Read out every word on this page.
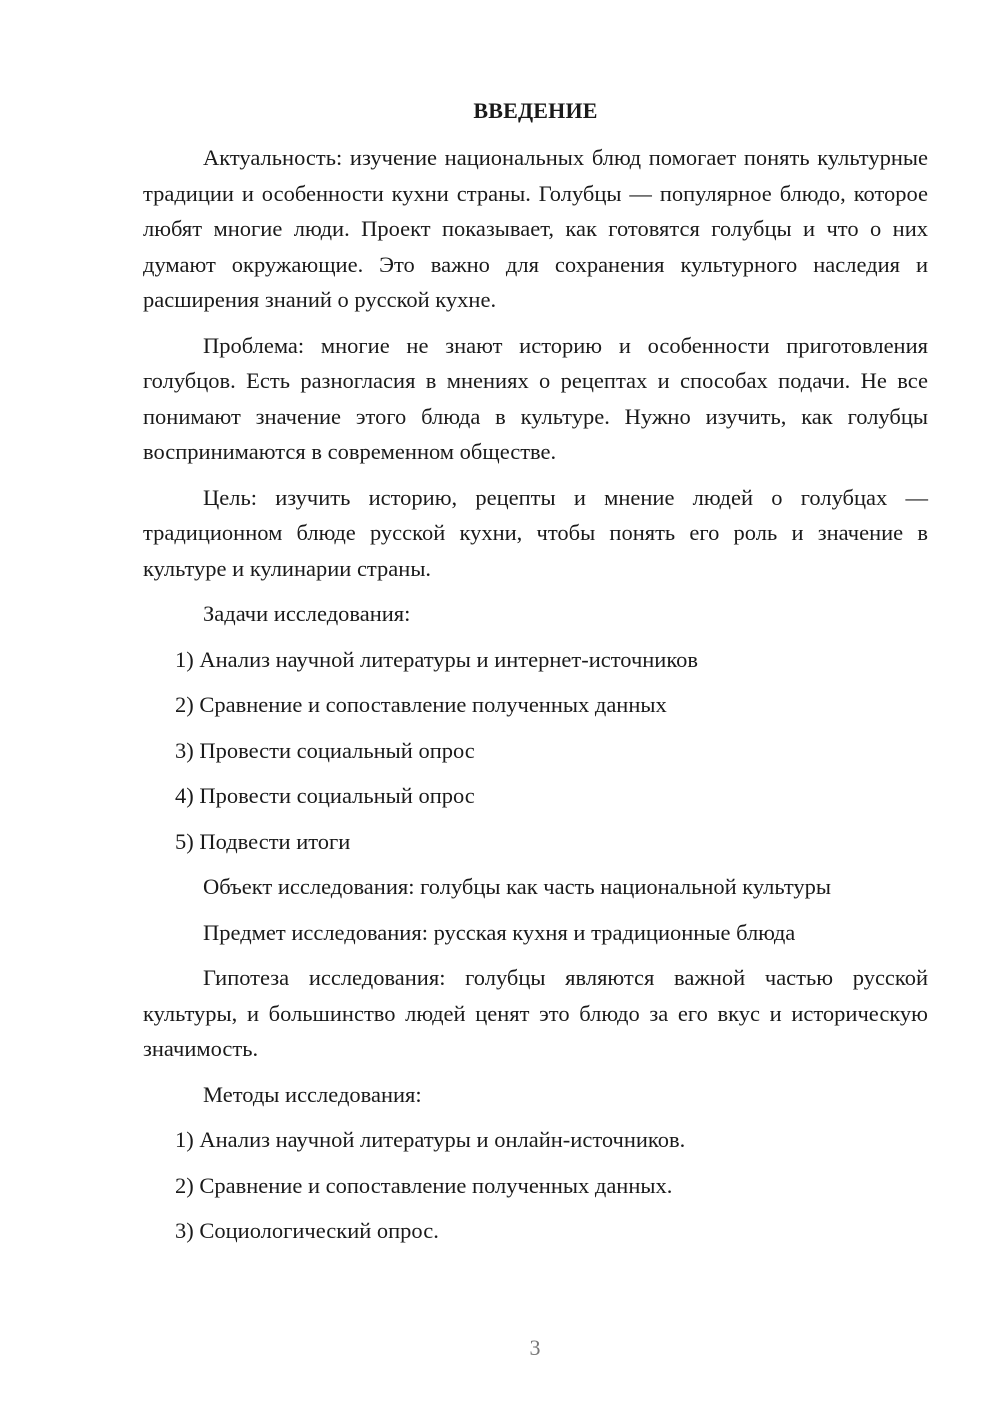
ВВЕДЕНИЕ

Актуальность: изучение национальных блюд помогает понять культурные традиции и особенности кухни страны. Голубцы — популярное блюдо, которое любят многие люди. Проект показывает, как готовятся голубцы и что о них думают окружающие. Это важно для сохранения культурного наследия и расширения знаний о русской кухне.

Проблема: многие не знают историю и особенности приготовления голубцов. Есть разногласия в мнениях о рецептах и способах подачи. Не все понимают значение этого блюда в культуре. Нужно изучить, как голубцы воспринимаются в современном обществе.

Цель: изучить историю, рецепты и мнение людей о голубцах — традиционном блюде русской кухни, чтобы понять его роль и значение в культуре и кулинарии страны.

Задачи исследования:

1) Анализ научной литературы и интернет-источников
2) Сравнение и сопоставление полученных данных
3) Провести социальный опрос
4) Провести социальный опрос
5) Подвести итоги

Объект исследования: голубцы как часть национальной культуры

Предмет исследования: русская кухня и традиционные блюда

Гипотеза исследования: голубцы являются важной частью русской культуры, и большинство людей ценят это блюдо за его вкус и историческую значимость.

Методы исследования:

1) Анализ научной литературы и онлайн-источников.
2) Сравнение и сопоставление полученных данных.
3) Социологический опрос.
3
